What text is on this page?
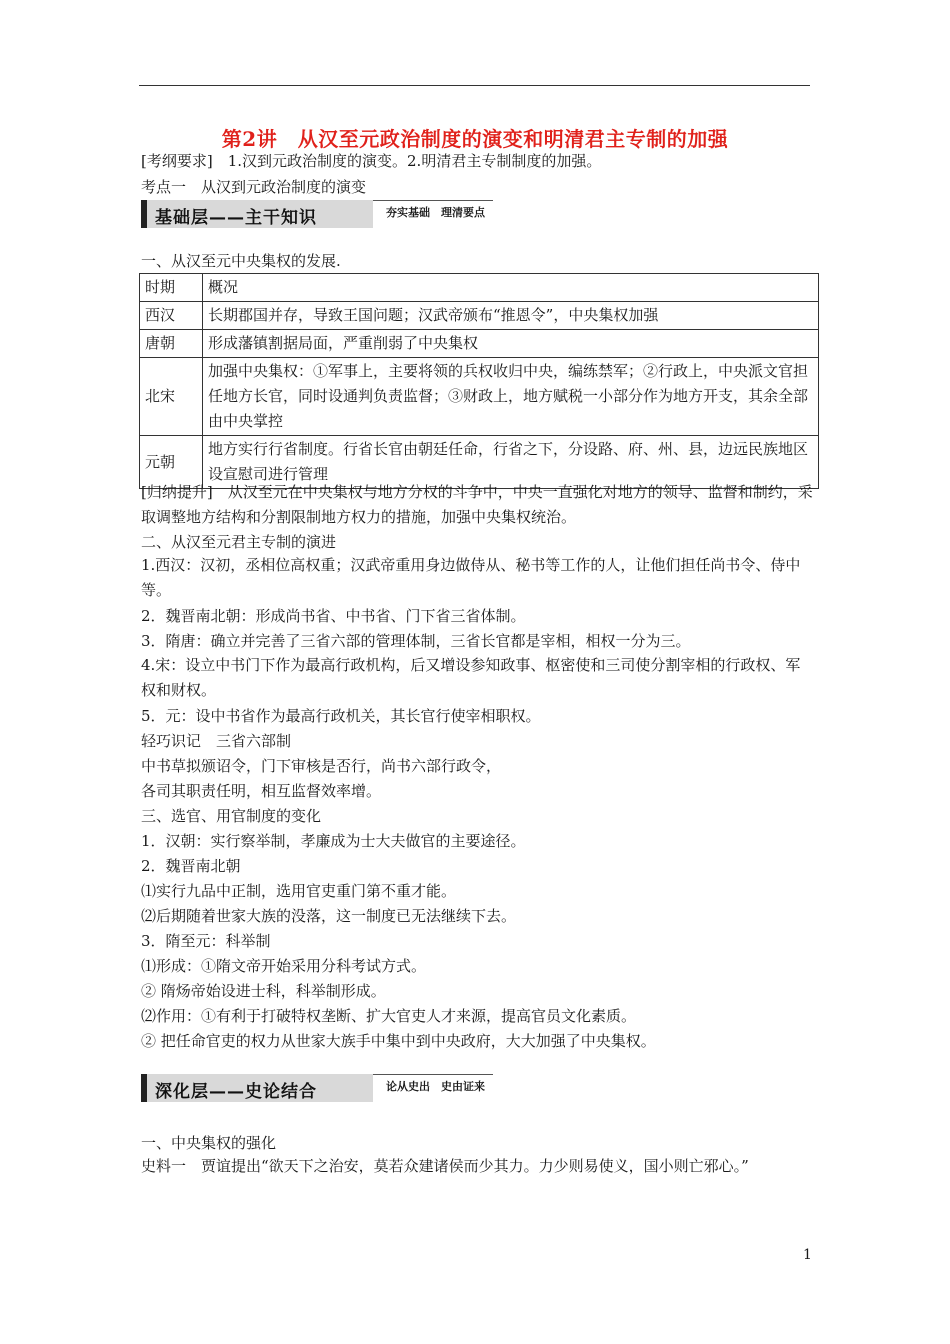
第2讲　从汉至元政治制度的演变和明清君主专制的加强
[考纲要求]　1.汉到元政治制度的演变。2.明清君主专制制度的加强。
考点一　从汉到元政治制度的演变
基础层——主干知识	夯实基础　理清要点
一、从汉至元中央集权的发展.
时期	概况
西汉	长期郡国并存，导致王国问题；汉武帝颁布“推恩令”，中央集权加强
唐朝	形成藩镇割据局面，严重削弱了中央集权
北宋	加强中央集权：①军事上，主要将领的兵权收归中央，编练禁军；②行政上，中央派文官担任地方长官，同时设通判负责监督；③财政上，地方赋税一小部分作为地方开支，其余全部由中央掌控
元朝	地方实行行省制度。行省长官由朝廷任命，行省之下，分设路、府、州、县，边远民族地区设宣慰司进行管理
[归纳提升]　从汉至元在中央集权与地方分权的斗争中，中央一直强化对地方的领导、监督和制约，采取调整地方结构和分割限制地方权力的措施，加强中央集权统治。
二、从汉至元君主专制的演进
1.西汉：汉初，丞相位高权重；汉武帝重用身边做侍从、秘书等工作的人，让他们担任尚书令、侍中等。
2．魏晋南北朝：形成尚书省、中书省、门下省三省体制。
3．隋唐：确立并完善了三省六部的管理体制，三省长官都是宰相，相权一分为三。
4.宋：设立中书门下作为最高行政机构，后又增设参知政事、枢密使和三司使分割宰相的行政权、军权和财权。
5．元：设中书省作为最高行政机关，其长官行使宰相职权。
轻巧识记　三省六部制
中书草拟颁诏令，门下审核是否行，尚书六部行政令，
各司其职责任明，相互监督效率增。
三、选官、用官制度的变化
1．汉朝：实行察举制，孝廉成为士大夫做官的主要途径。
2．魏晋南北朝
⑴实行九品中正制，选用官吏重门第不重才能。
⑵后期随着世家大族的没落，这一制度已无法继续下去。
3．隋至元：科举制
⑴形成：①隋文帝开始采用分科考试方式。
② 隋炀帝始设进士科，科举制形成。
⑵作用：①有利于打破特权垄断、扩大官吏人才来源，提高官员文化素质。
② 把任命官吏的权力从世家大族手中集中到中央政府，大大加强了中央集权。
深化层——史论结合	论从史出　史由证来
一、中央集权的强化
史料一　贾谊提出“欲天下之治安，莫若众建诸侯而少其力。力少则易使义，国小则亡邪心。”
1
